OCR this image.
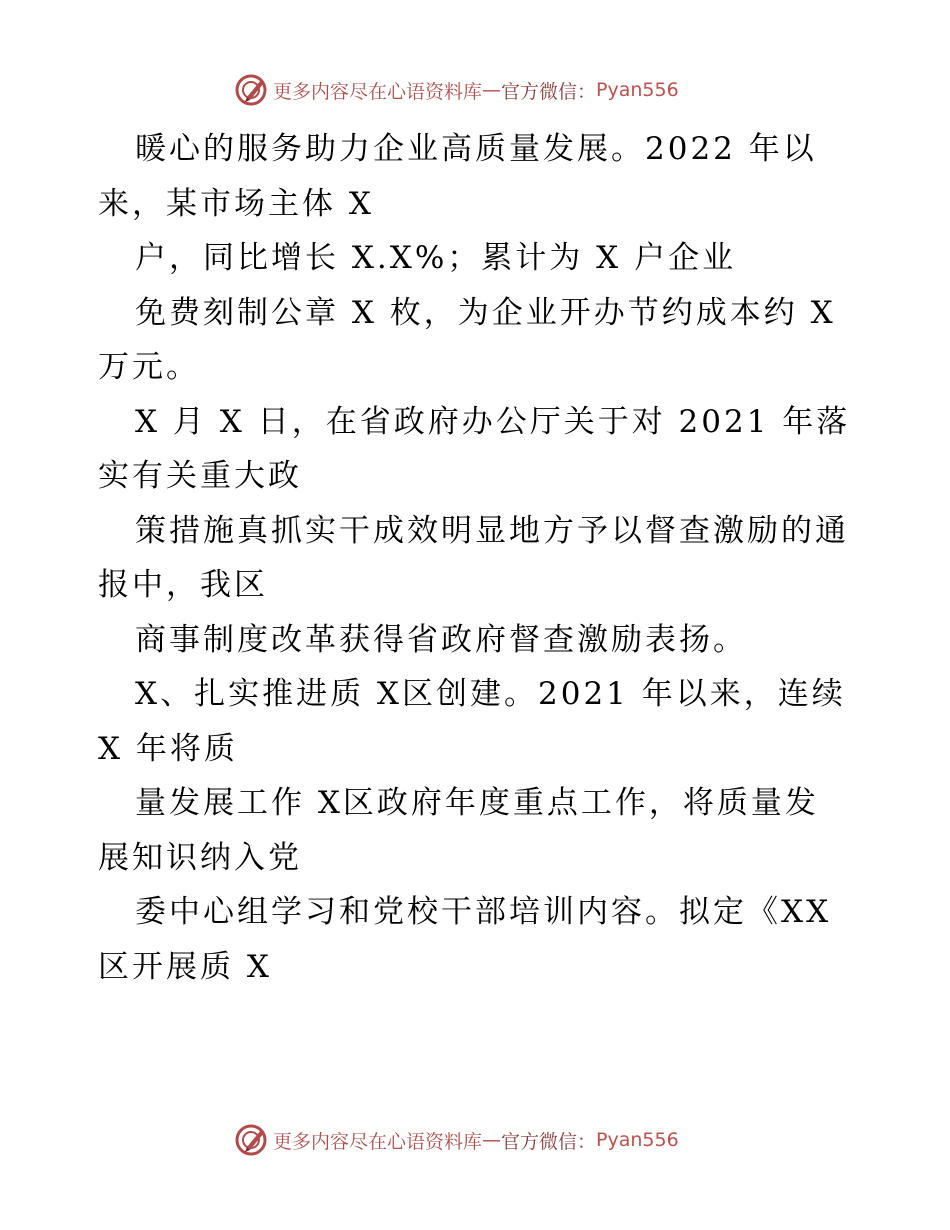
更多内容尽在心语资料库 — 官方微信： Pyan556
暖心的服务助力企业高质量发展。2022 年以
来，某市场主体 X
户，同比增长 X.X%；累计为 X 户企业
免费刻制公章 X 枚，为企业开办节约成本约 X
万元。
X 月 X 日，在省政府办公厅关于对 2021 年落
实有关重大政
策措施真抓实干成效明显地方予以督查激励的通
报中，我区
商事制度改革获得省政府督查激励表扬。
X、扎实推进质 X区创建。2021 年以来，连续
X 年将质
量发展工作 X区政府年度重点工作，将质量发
展知识纳入党
委中心组学习和党校干部培训内容。拟定《XX
区开展质 X
更多内容尽在心语资料库 — 官方微信： Pyan556
